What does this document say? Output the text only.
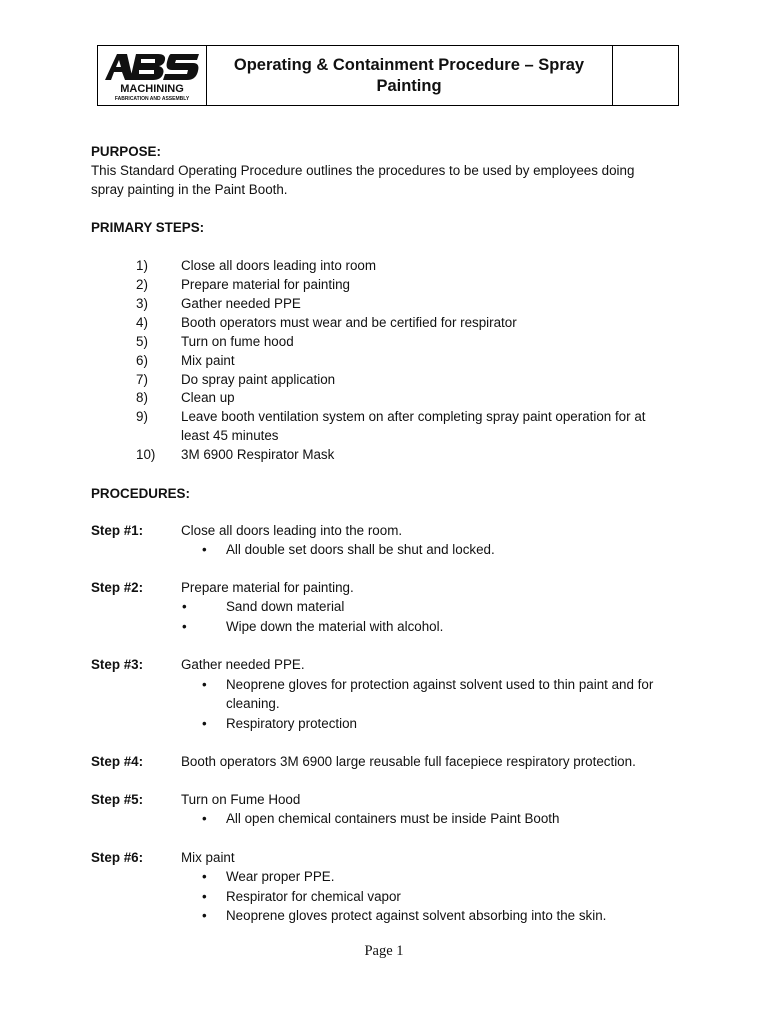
MACHINING
FABRICATION AND ASSEMBLY
Operating & Containment Procedure – Spray
Painting
PURPOSE:
This Standard Operating Procedure outlines the procedures to be used by employees doing
spray painting in the Paint Booth.
PRIMARY STEPS:
1) Close all doors leading into room
2) Prepare material for painting
3) Gather needed PPE
4) Booth operators must wear and be certified for respirator
5) Turn on fume hood
6) Mix paint
7) Do spray paint application
8) Clean up
9) Leave booth ventilation system on after completing spray paint operation for at
least 45 minutes
10) 3M 6900 Respirator Mask
PROCEDURES:
Step #1:	Close all doors leading into the room.
• All double set doors shall be shut and locked.
Step #2:	Prepare material for painting.
•	Sand down material
•	Wipe down the material with alcohol.
Step #3:	Gather needed PPE.
• Neoprene gloves for protection against solvent used to thin paint and for
cleaning.
• Respiratory protection
Step #4:	Booth operators 3M 6900 large reusable full facepiece respiratory protection.
Step #5:	Turn on Fume Hood
• All open chemical containers must be inside Paint Booth
Step #6:	Mix paint
• Wear proper PPE.
• Respirator for chemical vapor
• Neoprene gloves protect against solvent absorbing into the skin.
Page 1
